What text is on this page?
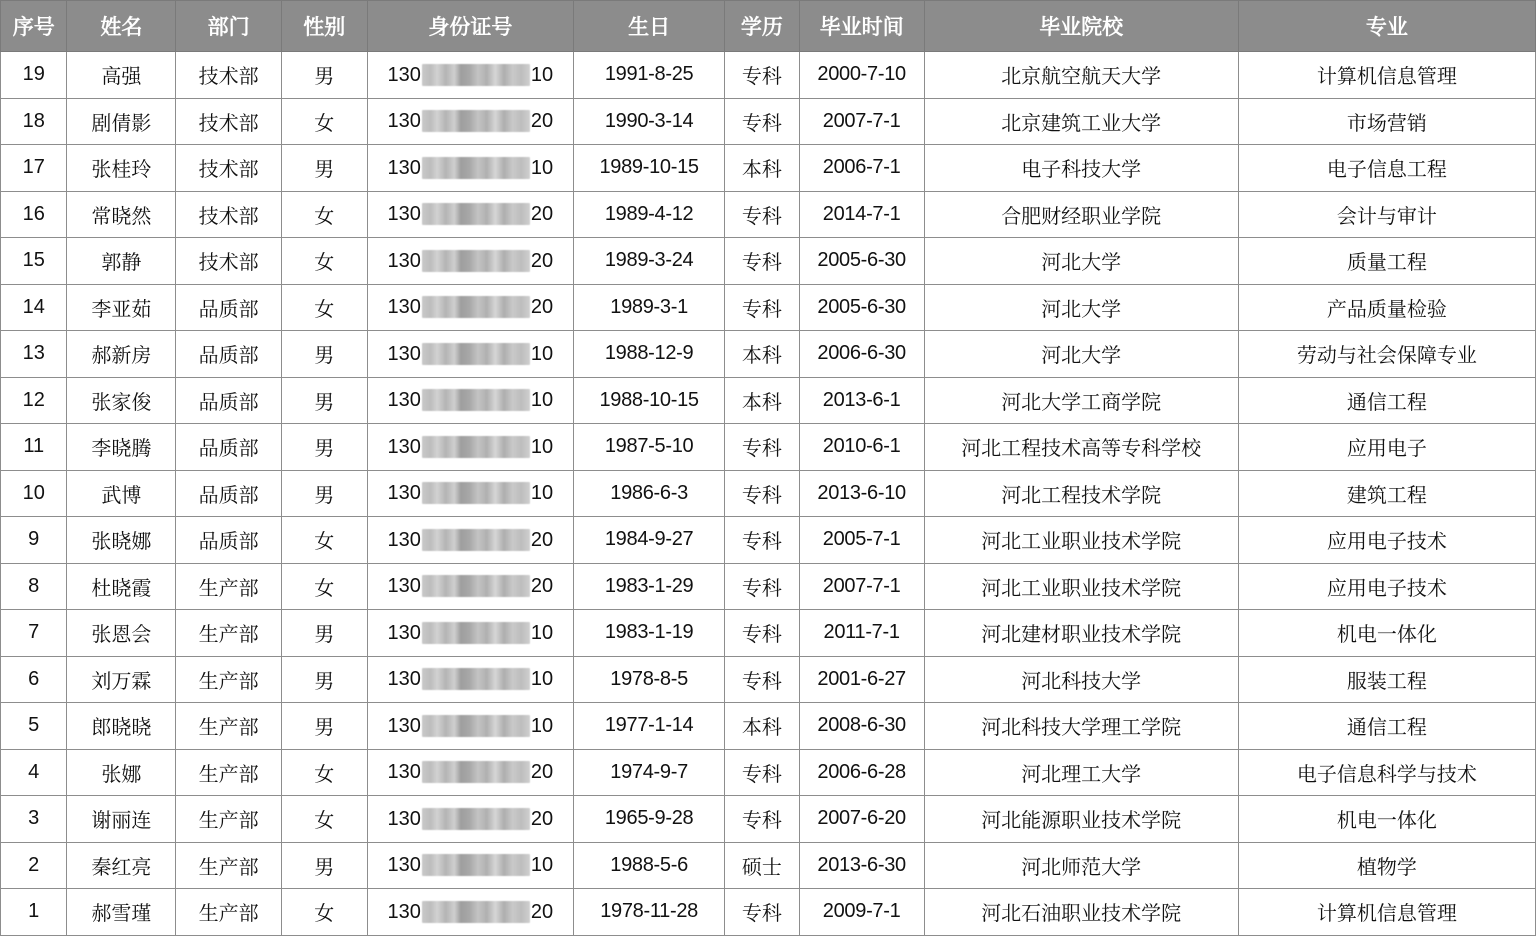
序号	姓名	部门	性别	身份证号	生日	学历	毕业时间	毕业院校	专业
19	高强	技术部	男	130 10	1991-8-25	专科	2000-7-10	北京航空航天大学	计算机信息管理
18	剧倩影	技术部	女	130 20	1990-3-14	专科	2007-7-1	北京建筑工业大学	市场营销
17	张桂玲	技术部	男	130 10	1989-10-15	本科	2006-7-1	电子科技大学	电子信息工程
16	常晓然	技术部	女	130 20	1989-4-12	专科	2014-7-1	合肥财经职业学院	会计与审计
15	郭静	技术部	女	130 20	1989-3-24	专科	2005-6-30	河北大学	质量工程
14	李亚茹	品质部	女	130 20	1989-3-1	专科	2005-6-30	河北大学	产品质量检验
13	郝新房	品质部	男	130 10	1988-12-9	本科	2006-6-30	河北大学	劳动与社会保障专业
12	张家俊	品质部	男	130 10	1988-10-15	本科	2013-6-1	河北大学工商学院	通信工程
11	李晓腾	品质部	男	130 10	1987-5-10	专科	2010-6-1	河北工程技术高等专科学校	应用电子
10	武博	品质部	男	130 10	1986-6-3	专科	2013-6-10	河北工程技术学院	建筑工程
9	张晓娜	品质部	女	130 20	1984-9-27	专科	2005-7-1	河北工业职业技术学院	应用电子技术
8	杜晓霞	生产部	女	130 20	1983-1-29	专科	2007-7-1	河北工业职业技术学院	应用电子技术
7	张恩会	生产部	男	130 10	1983-1-19	专科	2011-7-1	河北建材职业技术学院	机电一体化
6	刘万霖	生产部	男	130 10	1978-8-5	专科	2001-6-27	河北科技大学	服装工程
5	郎晓晓	生产部	男	130 10	1977-1-14	本科	2008-6-30	河北科技大学理工学院	通信工程
4	张娜	生产部	女	130 20	1974-9-7	专科	2006-6-28	河北理工大学	电子信息科学与技术
3	谢丽连	生产部	女	130 20	1965-9-28	专科	2007-6-20	河北能源职业技术学院	机电一体化
2	秦红亮	生产部	男	130 10	1988-5-6	硕士	2013-6-30	河北师范大学	植物学
1	郝雪瑾	生产部	女	130 20	1978-11-28	专科	2009-7-1	河北石油职业技术学院	计算机信息管理
